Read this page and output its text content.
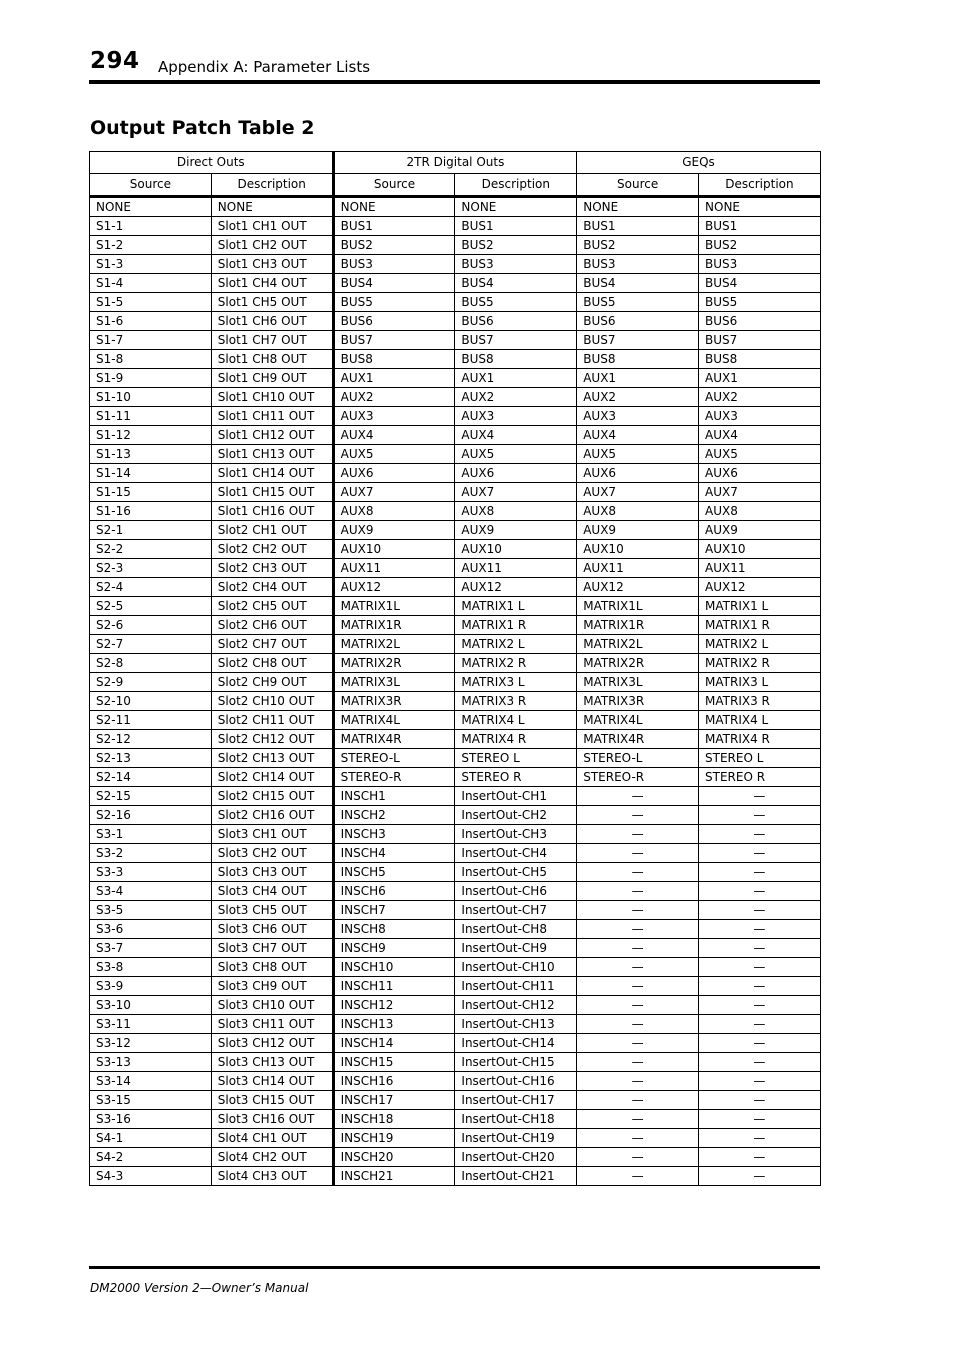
294 Appendix A: Parameter Lists
Output Patch Table 2
Direct Outs		2TR Digital Outs		GEQs	
Source	Description	Source	Description	Source	Description
NONE	NONE	NONE	NONE	NONE	NONE
S1-1	Slot1 CH1 OUT	BUS1	BUS1	BUS1	BUS1
S1-2	Slot1 CH2 OUT	BUS2	BUS2	BUS2	BUS2
S1-3	Slot1 CH3 OUT	BUS3	BUS3	BUS3	BUS3
S1-4	Slot1 CH4 OUT	BUS4	BUS4	BUS4	BUS4
S1-5	Slot1 CH5 OUT	BUS5	BUS5	BUS5	BUS5
S1-6	Slot1 CH6 OUT	BUS6	BUS6	BUS6	BUS6
S1-7	Slot1 CH7 OUT	BUS7	BUS7	BUS7	BUS7
S1-8	Slot1 CH8 OUT	BUS8	BUS8	BUS8	BUS8
S1-9	Slot1 CH9 OUT	AUX1	AUX1	AUX1	AUX1
S1-10	Slot1 CH10 OUT	AUX2	AUX2	AUX2	AUX2
S1-11	Slot1 CH11 OUT	AUX3	AUX3	AUX3	AUX3
S1-12	Slot1 CH12 OUT	AUX4	AUX4	AUX4	AUX4
S1-13	Slot1 CH13 OUT	AUX5	AUX5	AUX5	AUX5
S1-14	Slot1 CH14 OUT	AUX6	AUX6	AUX6	AUX6
S1-15	Slot1 CH15 OUT	AUX7	AUX7	AUX7	AUX7
S1-16	Slot1 CH16 OUT	AUX8	AUX8	AUX8	AUX8
S2-1	Slot2 CH1 OUT	AUX9	AUX9	AUX9	AUX9
S2-2	Slot2 CH2 OUT	AUX10	AUX10	AUX10	AUX10
S2-3	Slot2 CH3 OUT	AUX11	AUX11	AUX11	AUX11
S2-4	Slot2 CH4 OUT	AUX12	AUX12	AUX12	AUX12
S2-5	Slot2 CH5 OUT	MATRIX1L	MATRIX1 L	MATRIX1L	MATRIX1 L
S2-6	Slot2 CH6 OUT	MATRIX1R	MATRIX1 R	MATRIX1R	MATRIX1 R
S2-7	Slot2 CH7 OUT	MATRIX2L	MATRIX2 L	MATRIX2L	MATRIX2 L
S2-8	Slot2 CH8 OUT	MATRIX2R	MATRIX2 R	MATRIX2R	MATRIX2 R
S2-9	Slot2 CH9 OUT	MATRIX3L	MATRIX3 L	MATRIX3L	MATRIX3 L
S2-10	Slot2 CH10 OUT	MATRIX3R	MATRIX3 R	MATRIX3R	MATRIX3 R
S2-11	Slot2 CH11 OUT	MATRIX4L	MATRIX4 L	MATRIX4L	MATRIX4 L
S2-12	Slot2 CH12 OUT	MATRIX4R	MATRIX4 R	MATRIX4R	MATRIX4 R
S2-13	Slot2 CH13 OUT	STEREO-L	STEREO L	STEREO-L	STEREO L
S2-14	Slot2 CH14 OUT	STEREO-R	STEREO R	STEREO-R	STEREO R
S2-15	Slot2 CH15 OUT	INSCH1	InsertOut-CH1	—	—
S2-16	Slot2 CH16 OUT	INSCH2	InsertOut-CH2	—	—
S3-1	Slot3 CH1 OUT	INSCH3	InsertOut-CH3	—	—
S3-2	Slot3 CH2 OUT	INSCH4	InsertOut-CH4	—	—
S3-3	Slot3 CH3 OUT	INSCH5	InsertOut-CH5	—	—
S3-4	Slot3 CH4 OUT	INSCH6	InsertOut-CH6	—	—
S3-5	Slot3 CH5 OUT	INSCH7	InsertOut-CH7	—	—
S3-6	Slot3 CH6 OUT	INSCH8	InsertOut-CH8	—	—
S3-7	Slot3 CH7 OUT	INSCH9	InsertOut-CH9	—	—
S3-8	Slot3 CH8 OUT	INSCH10	InsertOut-CH10	—	—
S3-9	Slot3 CH9 OUT	INSCH11	InsertOut-CH11	—	—
S3-10	Slot3 CH10 OUT	INSCH12	InsertOut-CH12	—	—
S3-11	Slot3 CH11 OUT	INSCH13	InsertOut-CH13	—	—
S3-12	Slot3 CH12 OUT	INSCH14	InsertOut-CH14	—	—
S3-13	Slot3 CH13 OUT	INSCH15	InsertOut-CH15	—	—
S3-14	Slot3 CH14 OUT	INSCH16	InsertOut-CH16	—	—
S3-15	Slot3 CH15 OUT	INSCH17	InsertOut-CH17	—	—
S3-16	Slot3 CH16 OUT	INSCH18	InsertOut-CH18	—	—
S4-1	Slot4 CH1 OUT	INSCH19	InsertOut-CH19	—	—
S4-2	Slot4 CH2 OUT	INSCH20	InsertOut-CH20	—	—
S4-3	Slot4 CH3 OUT	INSCH21	InsertOut-CH21	—	—
DM2000 Version 2—Owner’s Manual
